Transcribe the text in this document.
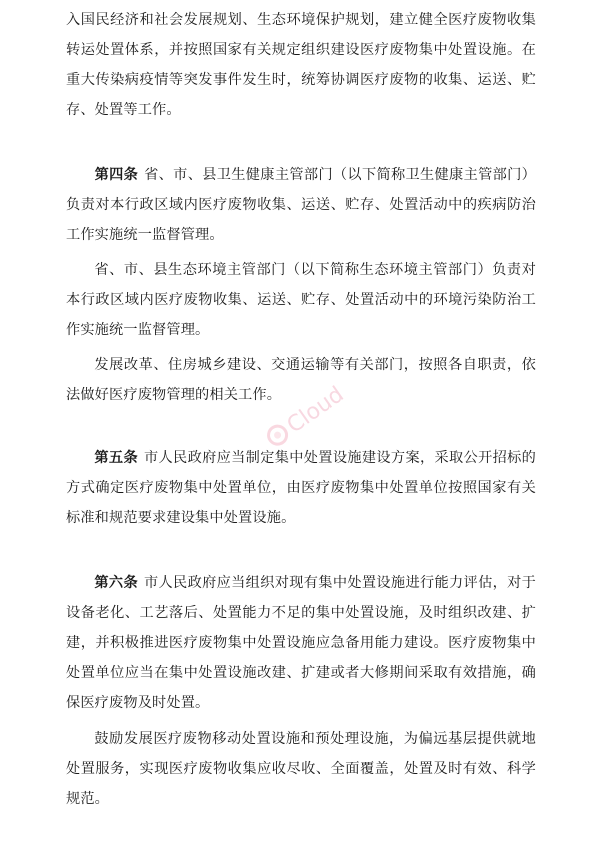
入国民经济和社会发展规划、生态环境保护规划，建立健全医疗废物收集转运处置体系，并按照国家有关规定组织建设医疗废物集中处置设施。在重大传染病疫情等突发事件发生时，统筹协调医疗废物的收集、运送、贮存、处置等工作。

第四条 省、市、县卫生健康主管部门（以下简称卫生健康主管部门）负责对本行政区域内医疗废物收集、运送、贮存、处置活动中的疾病防治工作实施统一监督管理。

省、市、县生态环境主管部门（以下简称生态环境主管部门）负责对本行政区域内医疗废物收集、运送、贮存、处置活动中的环境污染防治工作实施统一监督管理。

发展改革、住房城乡建设、交通运输等有关部门，按照各自职责，依法做好医疗废物管理的相关工作。

第五条 市人民政府应当制定集中处置设施建设方案，采取公开招标的方式确定医疗废物集中处置单位，由医疗废物集中处置单位按照国家有关标准和规范要求建设集中处置设施。

第六条 市人民政府应当组织对现有集中处置设施进行能力评估，对于设备老化、工艺落后、处置能力不足的集中处置设施，及时组织改建、扩建，并积极推进医疗废物集中处置设施应急备用能力建设。医疗废物集中处置单位应当在集中处置设施改建、扩建或者大修期间采取有效措施，确保医疗废物及时处置。

鼓励发展医疗废物移动处置设施和预处理设施，为偏远基层提供就地处置服务，实现医疗废物收集应收尽收、全面覆盖，处置及时有效、科学规范。

Cloud
